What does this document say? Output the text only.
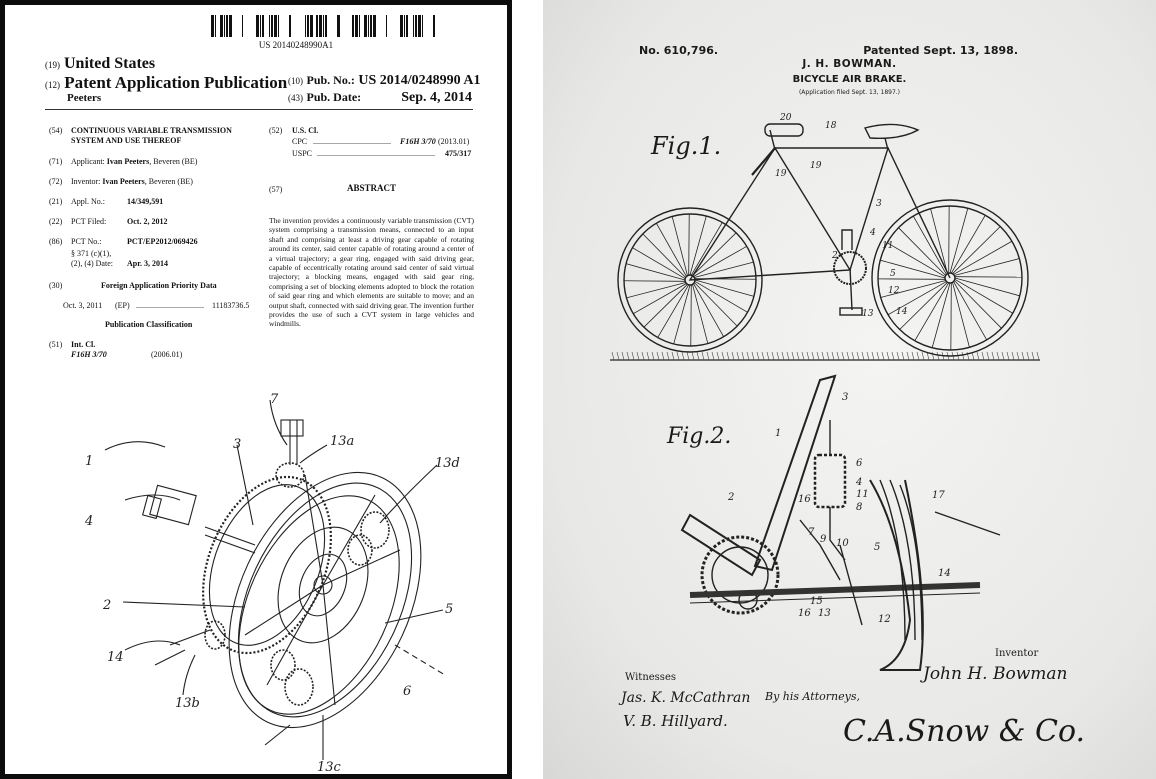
US 20140248990A1
(19) United States
(12) Patent Application Publication
Peeters
(10) Pub. No.: US 2014/0248990 A1
(43) Pub. Date:	Sep. 4, 2014
(54) CONTINUOUS VARIABLE TRANSMISSION SYSTEM AND USE THEREOF
(71) Applicant: Ivan Peeters, Beveren (BE)
(72) Inventor: Ivan Peeters, Beveren (BE)
(21) Appl. No.:	14/349,591
(22) PCT Filed:	Oct. 2, 2012
(86) PCT No.:	PCT/EP2012/069426
§ 371 (c)(1),
(2), (4) Date: Apr. 3, 2014
(30)	Foreign Application Priority Data
Oct. 3, 2011 (EP) .................................. 11183736.5
Publication Classification
(51) Int. Cl.
F16H 3/70	(2006.01)
(52) U.S. Cl.
CPC ....................................... F16H 3/70 (2013.01)
USPC ........................................................... 475/317
(57)	ABSTRACT
The invention provides a continuously variable transmission (CVT) system comprising a transmission means, connected to an input shaft and comprising at least a driving gear capable of rotating around its center, said center capable of rotating around a center of a virtual trajectory; a gear ring, engaged with said driving gear, capable of eccentrically rotating around said center of said virtual trajectory; a blocking means, engaged with said gear ring, comprising a set of blocking elements adopted to block the rotation of said gear ring and which elements are suitable to move; and an output shaft, connected with said driving gear. The invention further provides the use of such a CVT system in large vehicles and windmills.
1
4
3
7
13a
13d
2	5
14
6
13b
13c
No. 610,796.	Patented Sept. 13, 1898.
J. H. BOWMAN.
BICYCLE AIR BRAKE.
(Application filed Sept. 13, 1897.)
20
18
19
19
3
4
11
2
5
12
13	14
3
1
6
4
11
8
2	16
7
9 10
17
5
14
15
16 13
12
Fig.1.
Fig.2.
Witnesses
Jas. K. McCathran
V. B. Hillyard.
Inventor
John H. Bowman
By his Attorneys,
C.A.Snow & Co.
